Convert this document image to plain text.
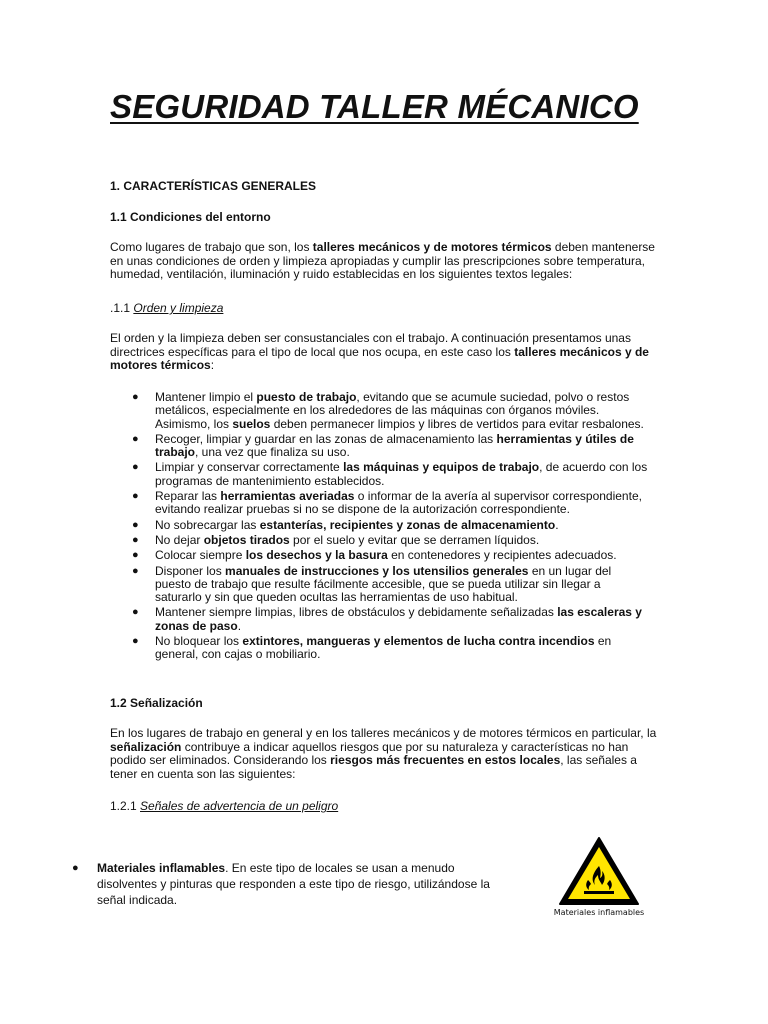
SEGURIDAD TALLER MÉCANICO
1. CARACTERÍSTICAS GENERALES
1.1 Condiciones del entorno
Como lugares de trabajo que son, los talleres mecánicos y de motores térmicos deben mantenerse en unas condiciones de orden y limpieza apropiadas y cumplir las prescripciones sobre temperatura, humedad, ventilación, iluminación y ruido establecidas en los siguientes textos legales:
.1.1 Orden y limpieza
El orden y la limpieza deben ser consustanciales con el trabajo. A continuación presentamos unas directrices específicas para el tipo de local que nos ocupa, en este caso los talleres mecánicos y de motores térmicos:
● Mantener limpio el puesto de trabajo, evitando que se acumule suciedad, polvo o restos metálicos, especialmente en los alrededores de las máquinas con órganos móviles. Asimismo, los suelos deben permanecer limpios y libres de vertidos para evitar resbalones.
● Recoger, limpiar y guardar en las zonas de almacenamiento las herramientas y útiles de trabajo, una vez que finaliza su uso.
● Limpiar y conservar correctamente las máquinas y equipos de trabajo, de acuerdo con los programas de mantenimiento establecidos.
● Reparar las herramientas averiadas o informar de la avería al supervisor correspondiente, evitando realizar pruebas si no se dispone de la autorización correspondiente.
● No sobrecargar las estanterías, recipientes y zonas de almacenamiento.
● No dejar objetos tirados por el suelo y evitar que se derramen líquidos.
● Colocar siempre los desechos y la basura en contenedores y recipientes adecuados.
● Disponer los manuales de instrucciones y los utensilios generales en un lugar del puesto de trabajo que resulte fácilmente accesible, que se pueda utilizar sin llegar a saturarlo y sin que queden ocultas las herramientas de uso habitual.
● Mantener siempre limpias, libres de obstáculos y debidamente señalizadas las escaleras y zonas de paso.
● No bloquear los extintores, mangueras y elementos de lucha contra incendios en general, con cajas o mobiliario.
1.2 Señalización
En los lugares de trabajo en general y en los talleres mecánicos y de motores térmicos en particular, la señalización contribuye a indicar aquellos riesgos que por su naturaleza y características no han podido ser eliminados. Considerando los riesgos más frecuentes en estos locales, las señales a tener en cuenta son las siguientes:
1.2.1 Señales de advertencia de un peligro
●	Materiales inflamables. En este tipo de locales se usan a menudo disolventes y pinturas que responden a este tipo de riesgo, utilizándose la señal indicada.
Materiales inflamables
